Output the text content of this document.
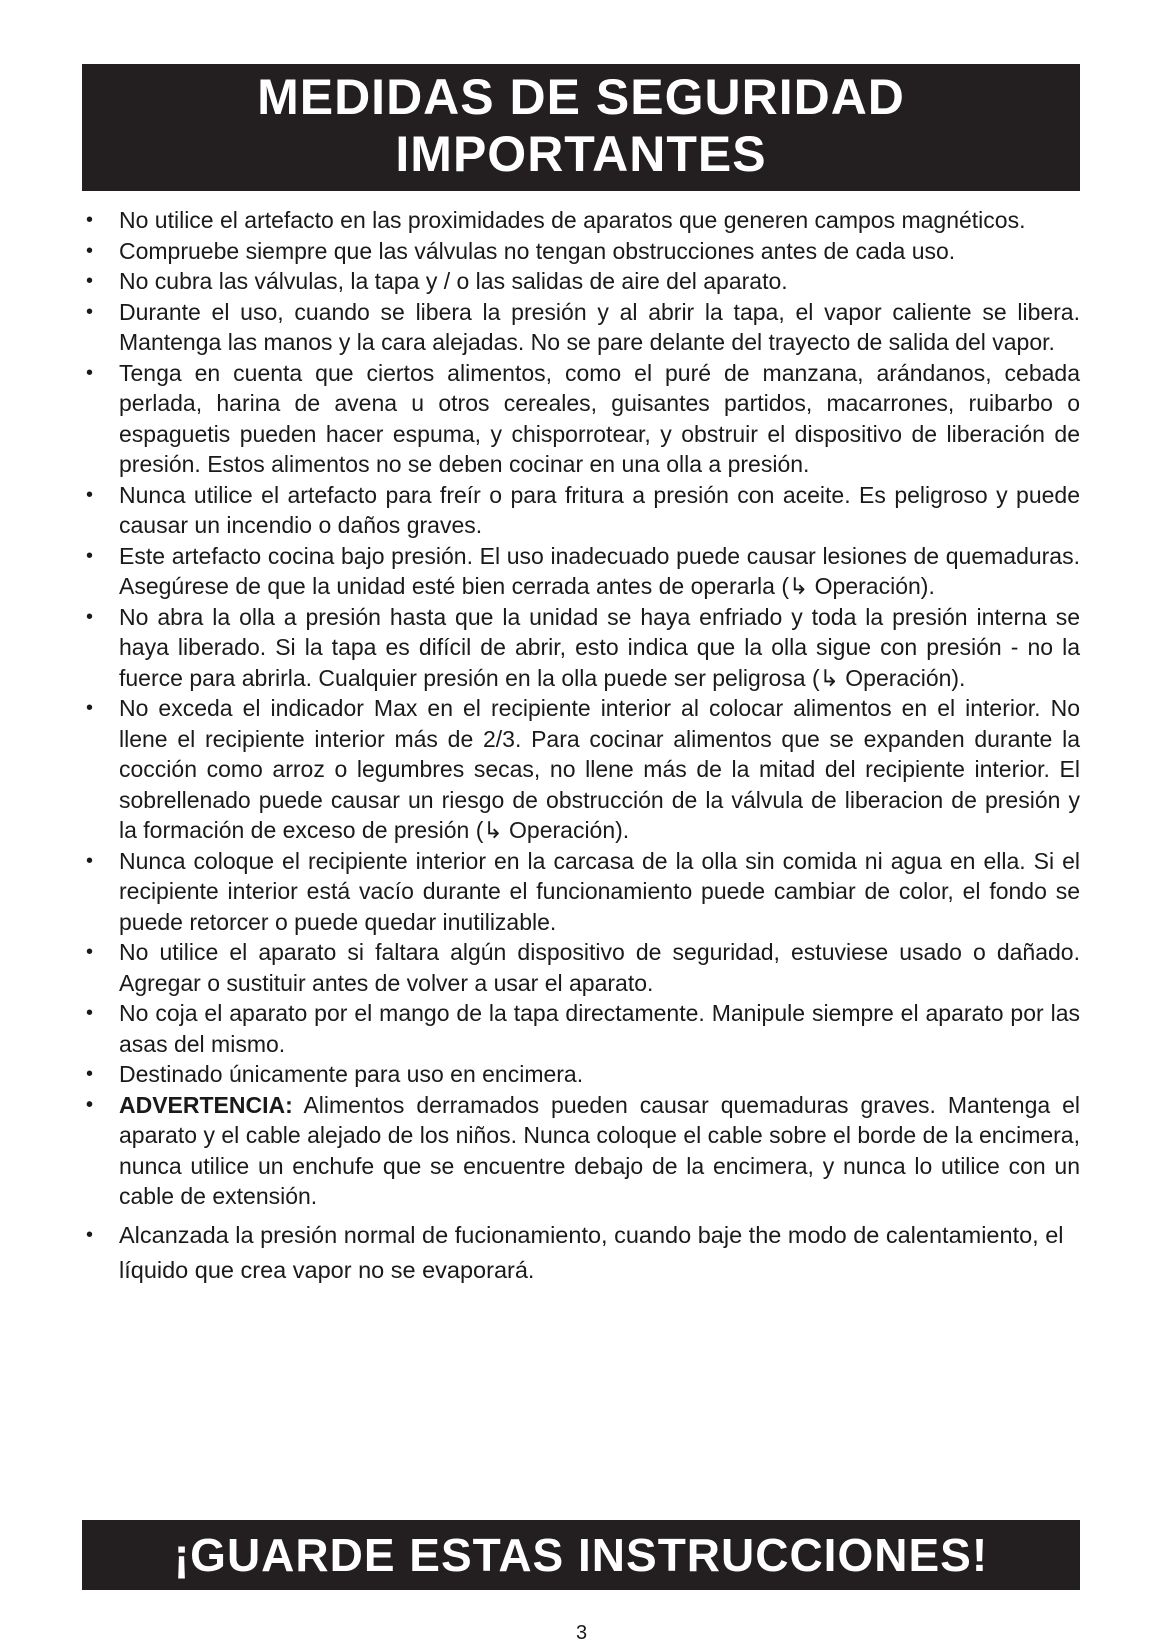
MEDIDAS DE SEGURIDAD
IMPORTANTES
• No utilice el artefacto en las proximidades de aparatos que generen campos magnéticos.
• Compruebe siempre que las válvulas no tengan obstrucciones antes de cada uso.
• No cubra las válvulas, la tapa y / o las salidas de aire del aparato.
• Durante el uso, cuando se libera la presión y al abrir la tapa, el vapor caliente se libera. Mantenga las manos y la cara alejadas. No se pare delante del trayecto de salida del vapor.
• Tenga en cuenta que ciertos alimentos, como el puré de manzana, arándanos, cebada perlada, harina de avena u otros cereales, guisantes partidos, macarrones, ruibarbo o espaguetis pueden hacer espuma, y chisporrotear, y obstruir el dispositivo de liberación de presión. Estos alimentos no se deben cocinar en una olla a presión.
• Nunca utilice el artefacto para freír o para fritura a presión con aceite. Es peligroso y puede causar un incendio o daños graves.
• Este artefacto cocina bajo presión. El uso inadecuado puede causar lesiones de quemaduras. Asegúrese de que la unidad esté bien cerrada antes de operarla (↳ Operación).
• No abra la olla a presión hasta que la unidad se haya enfriado y toda la presión interna se haya liberado. Si la tapa es difícil de abrir, esto indica que la olla sigue con presión - no la fuerce para abrirla. Cualquier presión en la olla puede ser peligrosa (↳ Operación).
• No exceda el indicador Max en el recipiente interior al colocar alimentos en el interior. No llene el recipiente interior más de 2/3. Para cocinar alimentos que se expanden durante la cocción como arroz o legumbres secas, no llene más de la mitad del recipiente interior. El sobrellenado puede causar un riesgo de obstrucción de la válvula de liberacion de presión y la formación de exceso de presión (↳ Operación).
• Nunca coloque el recipiente interior en la carcasa de la olla sin comida ni agua en ella. Si el recipiente interior está vacío durante el funcionamiento puede cambiar de color, el fondo se puede retorcer o puede quedar inutilizable.
• No utilice el aparato si faltara algún dispositivo de seguridad, estuviese usado o dañado. Agregar o sustituir antes de volver a usar el aparato.
• No coja el aparato por el mango de la tapa directamente. Manipule siempre el aparato por las asas del mismo.
• Destinado únicamente para uso en encimera.
• ADVERTENCIA: Alimentos derramados pueden causar quemaduras graves. Mantenga el aparato y el cable alejado de los niños. Nunca coloque el cable sobre el borde de la encimera, nunca utilice un enchufe que se encuentre debajo de la encimera, y nunca lo utilice con un cable de extensión.
• Alcanzada la presión normal de fucionamiento, cuando baje the modo de calentamiento, el líquido que crea vapor no se evaporará.
¡GUARDE ESTAS INSTRUCCIONES!
3
